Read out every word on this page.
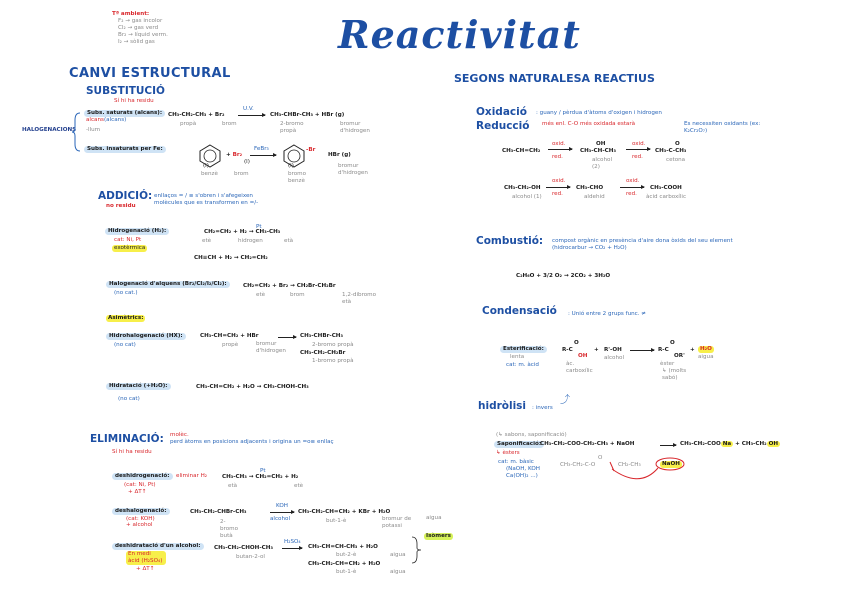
Reactivitat
Tª ambient:
F₂ → gas incolor
Cl₂ → gas verd
Br₂ → líquid verm.
I₂ → sòlid gas
CANVI ESTRUCTURAL
SUBSTITUCIÓ
Sí hi ha residu
HALOGENACIONS
Subs. saturats (alcans):
alcans (alcans)
-llum
CH₃-CH₂-CH₃ + Br₂
U.V.
CH₃-CHBr-CH₃ + HBr (g)
propà	brom	2-bromo propà
bromur d'hidrogen
Subs. insaturats per Fe:
+ Br₂
FeBr₃	-Br
HBr (g)
(l)
(l)
(l)
benzè	brom	bromo benzè
bromur d'hidrogen
ADDICIÓ: enllaços = / ≡ s'obren i s'afegeixen
molècules que es transformen en =/-
no residu
Hidrogenació (H₂):
cat: Ni, Pt
exotèrmica
CH₂=CH₂ + H₂ → CH₃-CH₃
Pt
etè	hidrogen	età
CH≡CH + H₂ → CH₂=CH₂
Halogenació d'alquens (Br₂/Cl₂/I₂/Cl₂):
(no cat.)
CH₂=CH₂ + Br₂ → CH₂Br-CH₂Br
etè	brom	1,2-dibromo età
Asimètrics:
Hidrohalogenació (HX):
(no cat)
CH₃-CH=CH₂ + HBr	CH₃-CHBr-CH₃
CH₃-CH₂-CH₂Br
propè	bromur d'hidrogen
2-bromo propà
1-bromo propà
Hidratació (+H₂O):
(no cat)
CH₃-CH=CH₂ + H₂O → CH₃-CHOH-CH₃
ELIMINACIÓ: molèc.
perd àtoms en posicions adjacents i origina un =o≡ enllaç
Sí hi ha residu
deshidrogenació:	eliminar H₂
(cat: Ni, Pt)
+ ΔT↑
CH₃-CH₃ → CH₂=CH₂ + H₂
Pt
età	etè
deshalogenació:
(cat: KOH)
+ alcohol
CH₃-CH₂-CHBr-CH₃
KOH
alcohol
CH₃-CH₂-CH=CH₂ + KBr + H₂O
2-bromo butà
but-1-è	bromur de potassi
aigua
Isòmers
deshidratació d'un alcohol:
En medi àcid (H₂SO₄)
+ ΔT↑
CH₃-CH₂-CHOH-CH₃
H₂SO₄
CH₃-CH=CH-CH₃ + H₂O
CH₃-CH₂-CH=CH₂ + H₂O
butan-2-ol	but-2-è
but-1-è
aigua
aigua
SEGONS NATURALESA REACTIUS
Oxidació
Reducció
: guany / pèrdua d'àtoms d'oxigen i hidrogen
més enl. C-O més oxidada estarà	Es necessiten oxidants (ex: K₂Cr₂O₇)
CH₃-CH=CH₂
oxid.
red.
OH
CH₃-CH-CH₃
alcohol (2)
oxid.
red.
O
CH₃-C-CH₃
cetona
CH₃-CH₂-OH
alcohol (1)
oxid.
red.
CH₃-CHO
aldehid
oxid.
red.
CH₃-COOH
àcid carboxílic
Combustió: compost orgànic en presència d'aire dona òxids del seu element
(hidrocarbur → CO₂ + H₂O)
C₂H₆O + 3/2 O₂ → 2CO₂ + 3H₂O
Condensació : Unió entre 2 grups func. ≠
Esterificació:
lenta
cat: m. àcid
O
R-C
OH
+ R'-OH
O
R-C
OR'
+ H₂O
aigua
àc. carboxílic
alcohol
èster
↳ (molts sabó)
hidròlisi : invers
⤴
(↳ sabons, saponificació)
Saponificació:
↳ èsters
cat: m. bàsic
(NaOH, KOH
Ca(OH)₂ ...)
CH₃-CH₂-COO-CH₂-CH₃ + NaOH	CH₃-CH₂-COO Na + CH₃-CH₂ OH
O
CH₃-CH₂-C-O	CH₂-CH₃	NaOH
